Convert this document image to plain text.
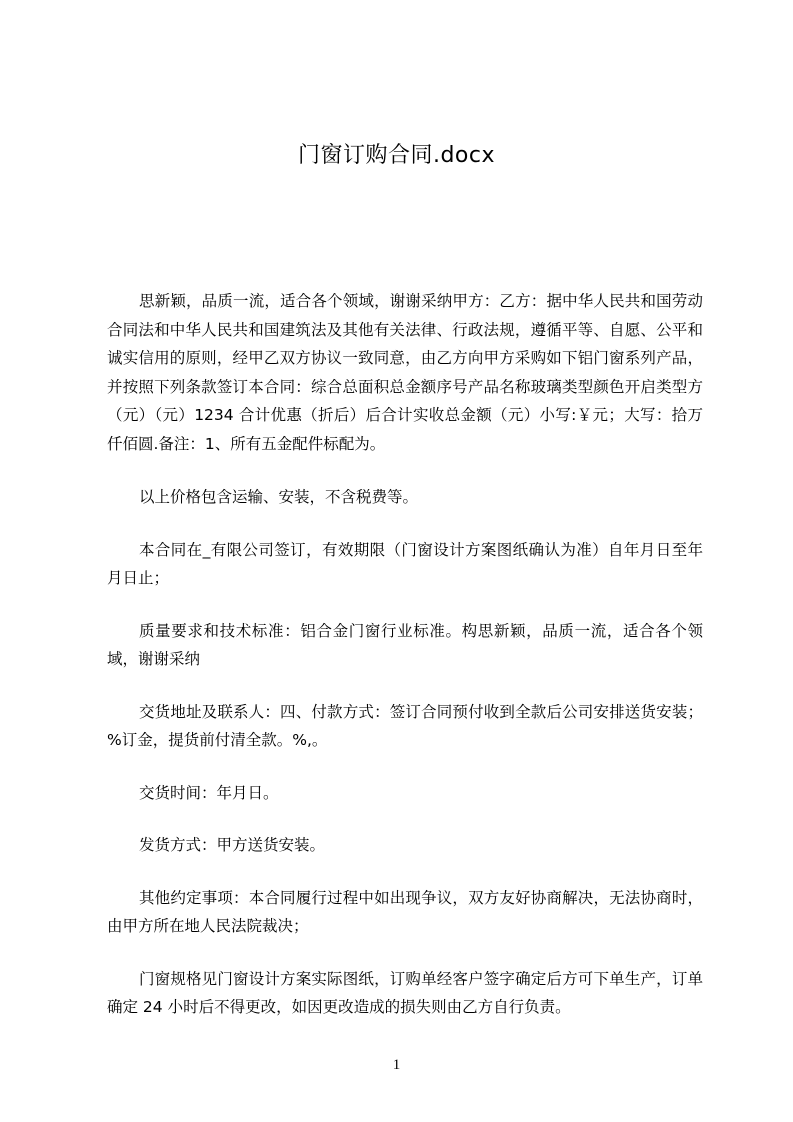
门窗订购合同.docx

思新颖，品质一流，适合各个领域，谢谢采纳甲方：乙方：据中华人民共和国劳动合同法和中华人民共和国建筑法及其他有关法律、行政法规，遵循平等、自愿、公平和诚实信用的原则，经甲乙双方协议一致同意，由乙方向甲方采购如下铝门窗系列产品，并按照下列条款签订本合同：综合总面积总金额序号产品名称玻璃类型颜色开启类型方（元）（元）1234 合计优惠（折后）后合计实收总金额（元）小写:￥元；大写：拾万仟佰圆.备注：1、所有五金配件标配为。

以上价格包含运输、安装，不含税费等。

本合同在_有限公司签订，有效期限（门窗设计方案图纸确认为准）自年月日至年月日止；

质量要求和技术标准：铝合金门窗行业标准。构思新颖，品质一流，适合各个领域，谢谢采纳

交货地址及联系人：四、付款方式：签订合同预付收到全款后公司安排送货安装；%订金，提货前付清全款。%,。

交货时间：年月日。

发货方式：甲方送货安装。

其他约定事项：本合同履行过程中如出现争议，双方友好协商解决，无法协商时，由甲方所在地人民法院裁决；

门窗规格见门窗设计方案实际图纸，订购单经客户签字确定后方可下单生产，订单确定 24 小时后不得更改，如因更改造成的损失则由乙方自行负责。

1
